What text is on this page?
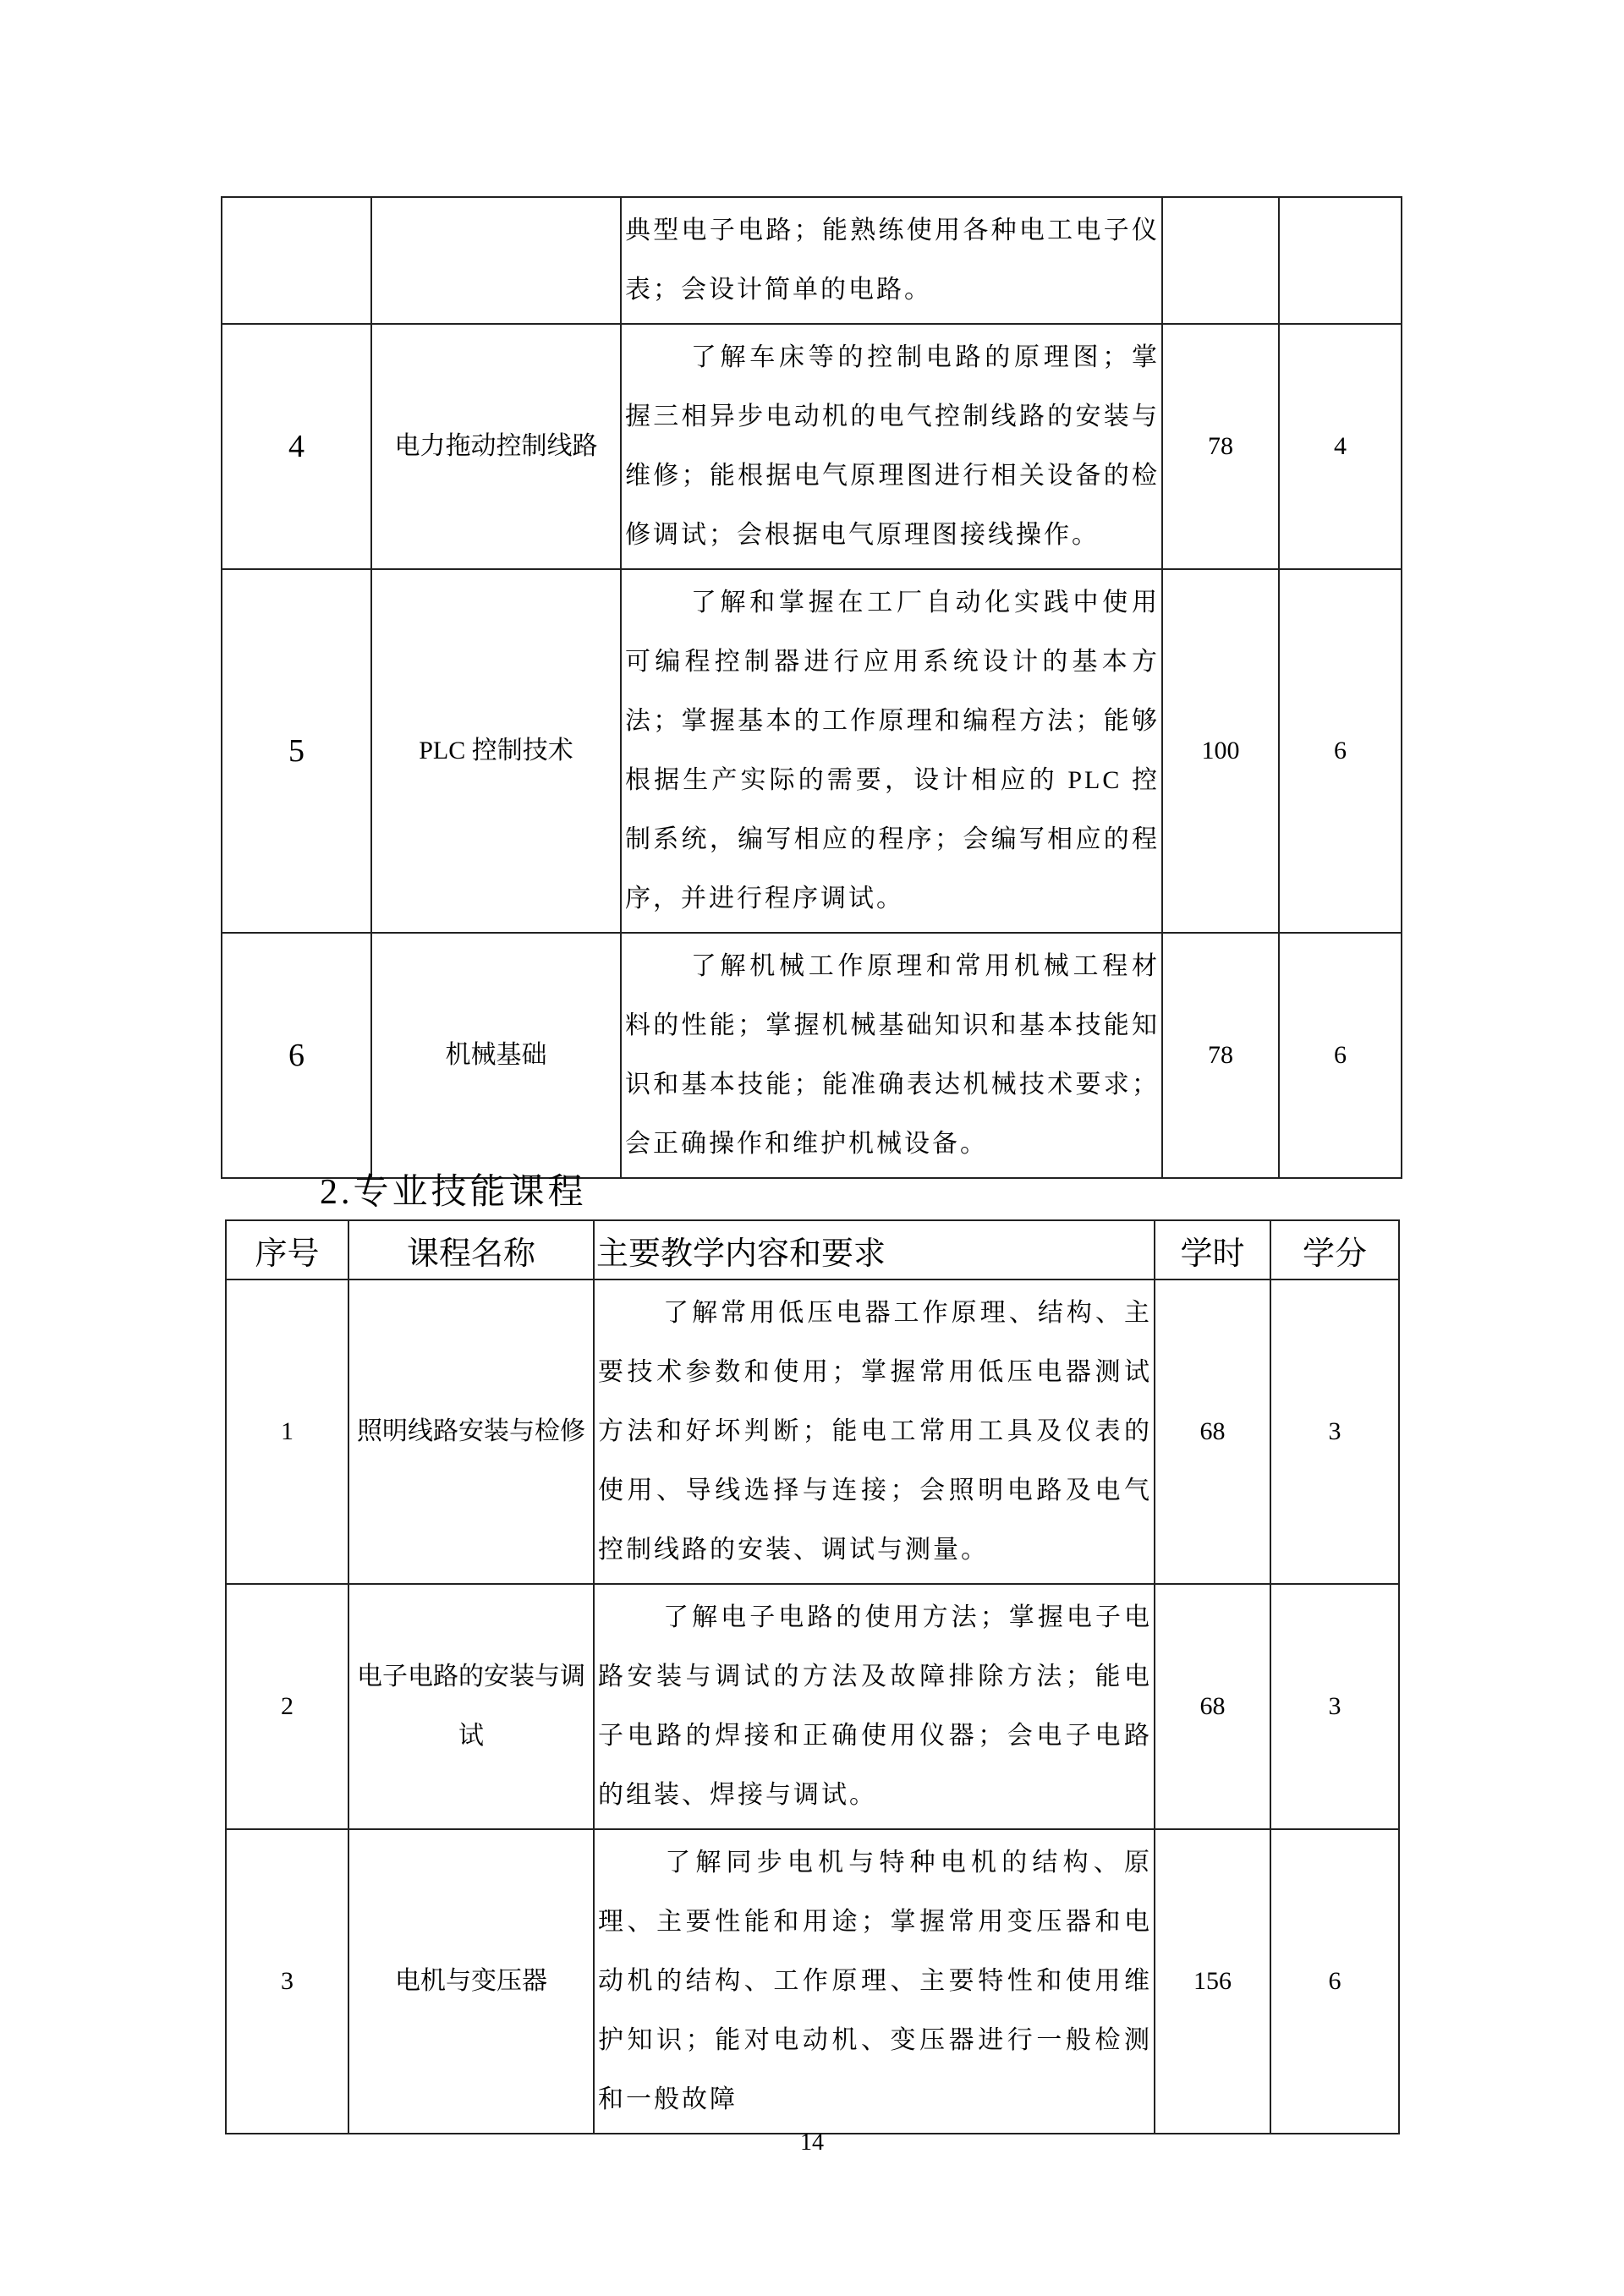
		典型电子电路；能熟练使用各种电工电子仪表；会设计简单的电路。		
4	电力拖动控制线路	了解车床等的控制电路的原理图；掌握三相异步电动机的电气控制线路的安装与维修；能根据电气原理图进行相关设备的检修调试；会根据电气原理图接线操作。	78	4
5	PLC 控制技术	了解和掌握在工厂自动化实践中使用可编程控制器进行应用系统设计的基本方法；掌握基本的工作原理和编程方法；能够根据生产实际的需要，设计相应的 PLC 控制系统，编写相应的程序；会编写相应的程序，并进行程序调试。	100	6
6	机械基础	了解机械工作原理和常用机械工程材料的性能；掌握机械基础知识和基本技能知识和基本技能；能准确表达机械技术要求；会正确操作和维护机械设备。	78	6
2.专业技能课程
序号	课程名称	主要教学内容和要求	学时	学分
1	照明线路安装与检修	了解常用低压电器工作原理、结构、主要技术参数和使用；掌握常用低压电器测试方法和好坏判断；能电工常用工具及仪表的使用、导线选择与连接；会照明电路及电气控制线路的安装、调试与测量。	68	3
2	电子电路的安装与调试	了解电子电路的使用方法；掌握电子电路安装与调试的方法及故障排除方法；能电子电路的焊接和正确使用仪器；会电子电路的组装、焊接与调试。	68	3
3	电机与变压器	了解同步电机与特种电机的结构、原理、主要性能和用途；掌握常用变压器和电动机的结构、工作原理、主要特性和使用维护知识；能对电动机、变压器进行一般检测和一般故障	156	6
14
